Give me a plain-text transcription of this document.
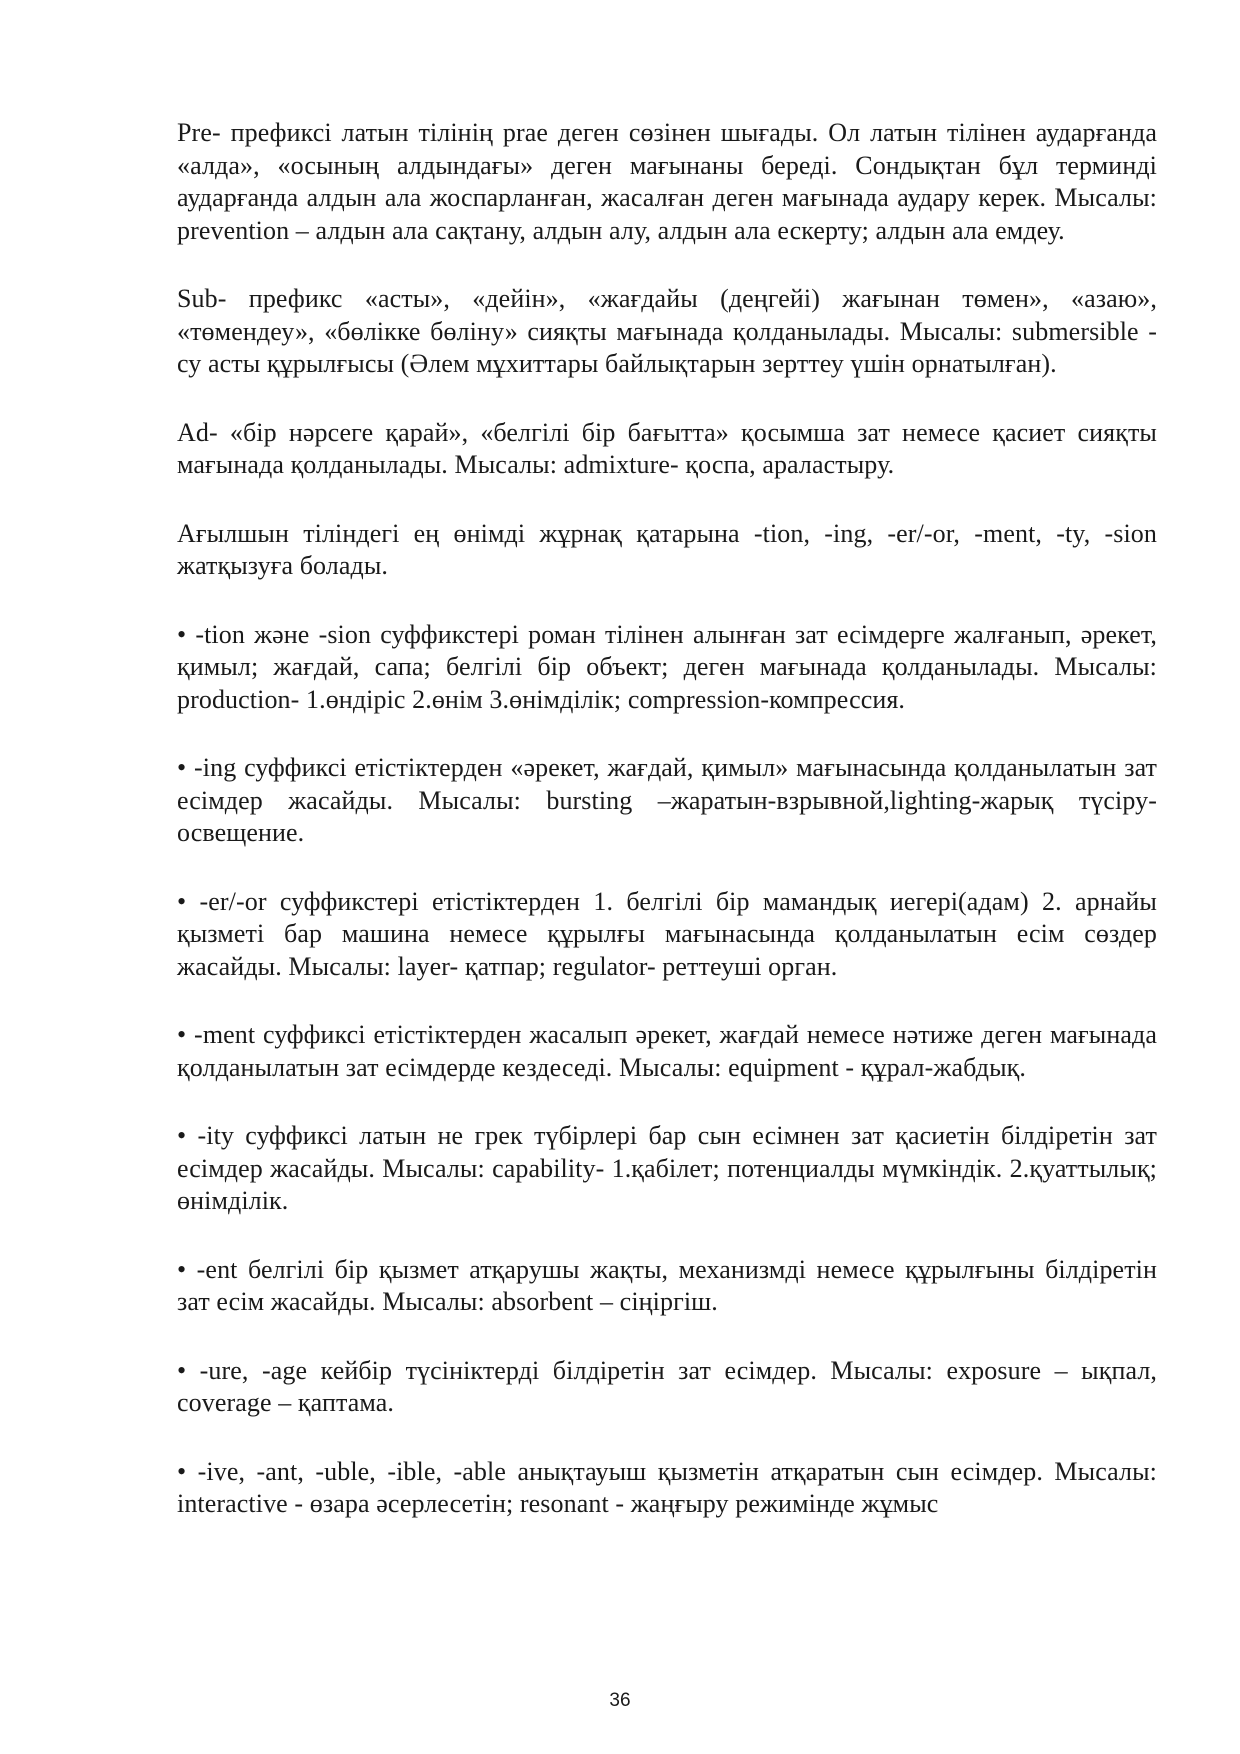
Pre- префиксі латын тілінің prae деген сөзінен шығады. Ол латын тілінен аударғанда «алда», «осының алдындағы» деген мағынаны береді. Сондықтан бұл терминді аударғанда алдын ала жоспарланған, жасалған деген мағынада аудару керек. Мысалы: prevention – алдын ала сақтану, алдын алу, алдын ала ескерту; алдын ала емдеу.

Sub- префикс «асты», «дейін», «жағдайы (деңгейі) жағынан төмен», «азаю», «төмендеу», «бөлікке бөліну» сияқты мағынада қолданылады. Мысалы: submersible - су асты құрылғысы (Әлем мұхиттары байлықтарын зерттеу үшін орнатылған).

Ad- «бір нәрсеге қарай», «белгілі бір бағытта» қосымша зат немесе қасиет сияқты мағынада қолданылады. Мысалы: admixture- қоспа, араластыру.

Ағылшын тіліндегі ең өнімді жұрнақ қатарына -tion, -ing, -er/-or, -ment, -ty, -sion жатқызуға болады.

• -tion және -sion суффикстері роман тілінен алынған зат есімдерге жалғанып, әрекет, қимыл; жағдай, сапа; белгілі бір объект; деген мағынада қолданылады. Мысалы: production- 1.өндіріс 2.өнім 3.өнімділік; compression-компрессия.

• -ing суффиксі етістіктерден «әрекет, жағдай, қимыл» мағынасында қолданылатын зат есімдер жасайды. Мысалы: bursting –жаратын-взрывной,lighting-жарық түсіру-освещение.

• -er/-or суффикстері етістіктерден 1. белгілі бір мамандық иегері(адам) 2. арнайы қызметі бар машина немесе құрылғы мағынасында қолданылатын есім сөздер жасайды. Мысалы: layer- қатпар; regulator- реттеуші орган.

• -ment суффиксі етістіктерден жасалып әрекет, жағдай немесе нәтиже деген мағынада қолданылатын зат есімдерде кездеседі. Мысалы: equipment - құрал-жабдық.

• -ity суффиксі латын не грек түбірлері бар сын есімнен зат қасиетін білдіретін зат есімдер жасайды. Мысалы: capability- 1.қабілет; потенциалды мүмкіндік. 2.қуаттылық; өнімділік.

• -ent белгілі бір қызмет атқарушы жақты, механизмді немесе құрылғыны білдіретін зат есім жасайды. Мысалы: absorbent – сіңіргіш.

• -ure, -age кейбір түсініктерді білдіретін зат есімдер. Мысалы: exposure – ықпал, coverage – қаптама.

• -ive, -ant, -uble, -ible, -able анықтауыш қызметін атқаратын сын есімдер. Мысалы: interactive - өзара әсерлесетін; resonant - жаңғыру режимінде жұмыс

36
